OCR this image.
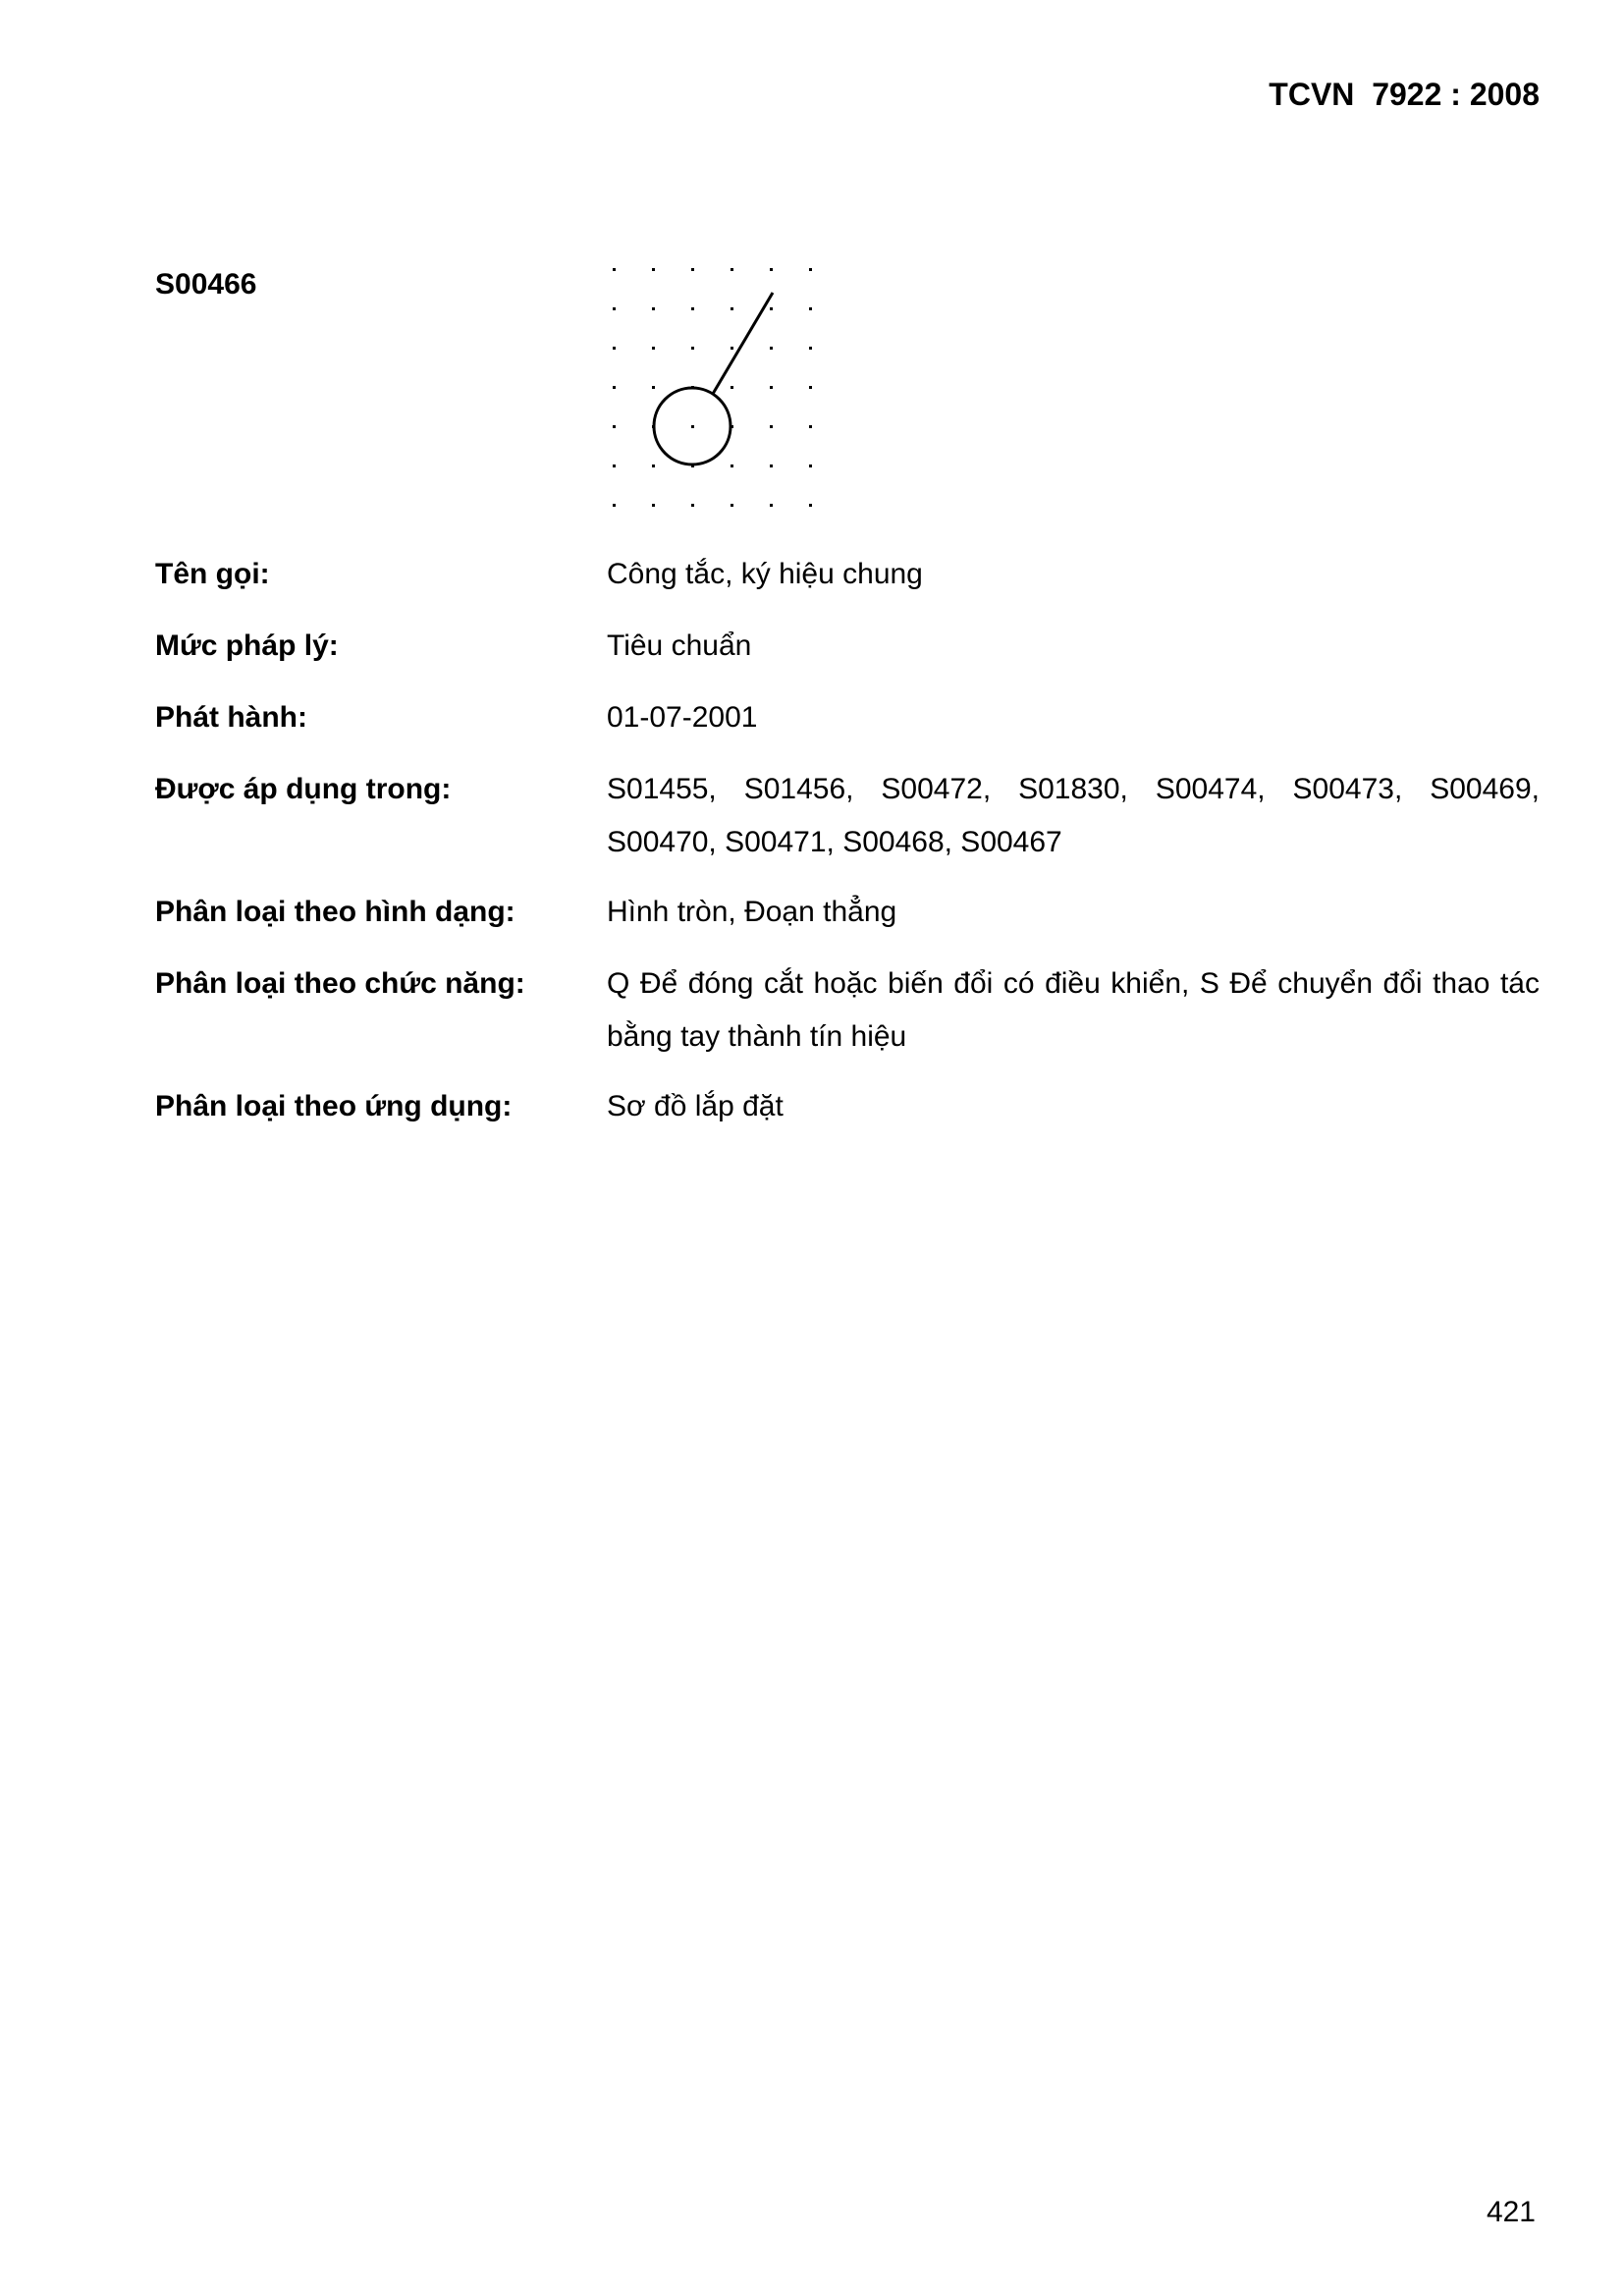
TCVN  7922 : 2008
S00466
Tên gọi:	Công tắc, ký hiệu chung
Mức pháp lý:	Tiêu chuẩn
Phát hành:	01-07-2001
Được áp dụng trong:	S01455, S01456, S00472, S01830, S00474, S00473, S00469, S00470, S00471, S00468, S00467
Phân loại theo hình dạng:	Hình tròn, Đoạn thẳng
Phân loại theo chức năng:	Q Để đóng cắt hoặc biến đổi có điều khiển, S Để chuyển đổi thao tác bằng tay thành tín hiệu
Phân loại theo ứng dụng:	Sơ đồ lắp đặt
421
